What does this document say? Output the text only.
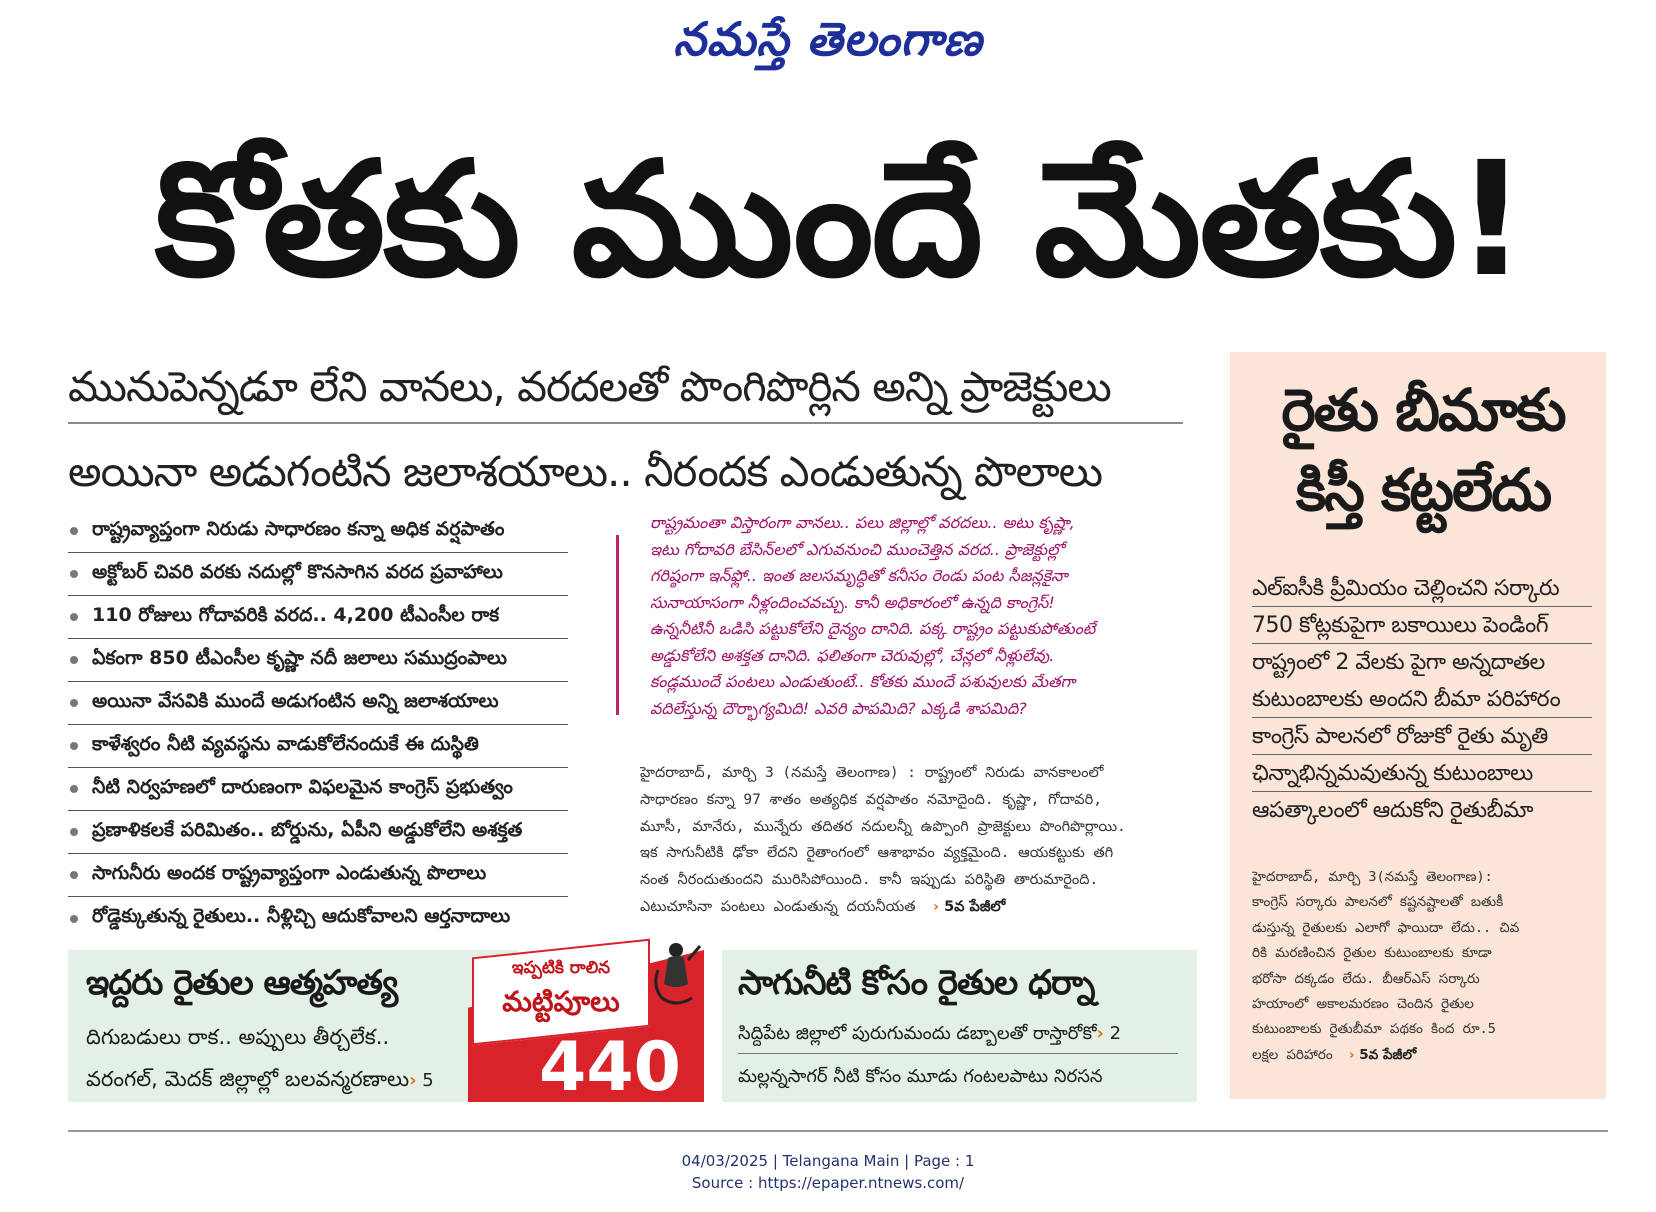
నమస్తే తెలంగాణ
కోతకు ముందే మేతకు!
మునుపెన్నడూ లేని వానలు, వరదలతో పొంగిపొర్లిన అన్ని ప్రాజెక్టులు
అయినా అడుగంటిన జలాశయాలు.. నీరందక ఎండుతున్న పొలాలు
రాష్ట్రవ్యాప్తంగా నిరుడు సాధారణం కన్నా అధిక వర్షపాతం
అక్టోబర్ చివరి వరకు నదుల్లో కొనసాగిన వరద ప్రవాహాలు
110 రోజులు గోదావరికి వరద.. 4,200 టీఎంసీల రాక
ఏకంగా 850 టీఎంసీల కృష్ణా నదీ జలాలు సముద్రంపాలు
అయినా వేసవికి ముందే అడుగంటిన అన్ని జలాశయాలు
కాళేశ్వరం నీటి వ్యవస్థను వాడుకోలేనందుకే ఈ దుస్థితి
నీటి నిర్వహణలో దారుణంగా విఫలమైన కాంగ్రెస్ ప్రభుత్వం
ప్రణాళికలకే పరిమితం.. బోర్డును, ఏపీని అడ్డుకోలేని అశక్తత
సాగునీరు అందక రాష్ట్రవ్యాప్తంగా ఎండుతున్న పొలాలు
రోడ్డెక్కుతున్న రైతులు.. నీళ్లిచ్చి ఆదుకోవాలని ఆర్తనాదాలు

రాష్ట్రమంతా విస్తారంగా వానలు.. పలు జిల్లాల్లో వరదలు.. అటు కృష్ణా,

ఇటు గోదావరి బేసిన్‌లలో ఎగువనుంచి ముంచెత్తిన వరద.. ప్రాజెక్టుల్లో

గరిష్ఠంగా ఇన్‌ఫ్లో.. ఇంత జలసమృద్ధితో కనీసం రెండు పంట సీజన్లకైనా

సునాయాసంగా నీళ్లందించవచ్చు. కానీ అధికారంలో ఉన్నది కాంగ్రెస్!

ఉన్ననీటినీ ఒడిసి పట్టుకోలేని దైన్యం దానిది. పక్క రాష్ట్రం పట్టుకుపోతుంటే

అడ్డుకోలేని అశక్తత దానిది. ఫలితంగా చెరువుల్లో, చేన్లలో నీళ్లులేవు.

కండ్లముందే పంటలు ఎండుతుంటే.. కోతకు ముందే పశువులకు మేతగా

వదిలేస్తున్న దౌర్భాగ్యమిది! ఎవరి పాపమిది? ఎక్కడి శాపమిది?

హైదరాబాద్, మార్చి 3 (నమస్తే తెలంగాణ) : రాష్ట్రంలో నిరుడు వానకాలంలో

సాధారణం కన్నా 97 శాతం అత్యధిక వర్షపాతం నమోదైంది. కృష్ణా, గోదావరి,

మూసీ, మానేరు, మున్నేరు తదితర నదులన్నీ ఉప్పొంగి ప్రాజెక్టులు పొంగిపొర్లాయి.

ఇక సాగునీటికి ఢోకా లేదని రైతాంగంలో ఆశాభావం వ్యక్తమైంది. ఆయకట్టుకు తగి

నంత నీరందుతుందని మురిసిపోయింది. కానీ ఇప్పుడు పరిస్థితి తారుమారైంది.

ఎటుచూసినా పంటలు ఎండుతున్న దయనీయత › 5వ పేజీలో

రైతు బీమాకు
కిస్తీ కట్టలేదు
ఎల్‌ఐసీకి ప్రీమియం చెల్లించని సర్కారు
750 కోట్లకుపైగా బకాయిలు పెండింగ్
రాష్ట్రంలో 2 వేలకు పైగా అన్నదాతల
కుటుంబాలకు అందని బీమా పరిహారం
కాంగ్రెస్ పాలనలో రోజుకో రైతు మృతి
ఛిన్నాభిన్నమవుతున్న కుటుంబాలు
ఆపత్కాలంలో ఆదుకోని రైతుబీమా

హైదరాబాద్, మార్చి 3(నమస్తే తెలంగాణ):

కాంగ్రెస్ సర్కారు పాలనలో కష్టనష్టాలతో బతుకీ

డుస్తున్న రైతులకు ఎలాగో ఫాయిదా లేదు.. చివ

రికి మరణించిన రైతుల కుటుంబాలకు కూడా

భరోసా దక్కడం లేదు. బీఆర్‌ఎస్ సర్కారు

హయాంలో అకాలమరణం చెందిన రైతుల

కుటుంబాలకు రైతుబీమా పథకం కింద రూ.5

లక్షల పరిహారం › 5వ పేజీలో

ఇద్దరు రైతుల ఆత్మహత్య
దిగుబడులు రాక.. అప్పులు తీర్చలేక..
వరంగల్, మెదక్ జిల్లాల్లో బలవన్మరణాలు› 5
ఇప్పటికి రాలిన
మట్టిపూలు
440
సాగునీటి కోసం రైతుల ధర్నా
సిద్దిపేట జిల్లాలో పురుగుమందు డబ్బాలతో రాస్తారోకో› 2
మల్లన్నసాగర్ నీటి కోసం మూడు గంటలపాటు నిరసన
04/03/2025 | Telangana Main | Page : 1
Source : https://epaper.ntnews.com/
